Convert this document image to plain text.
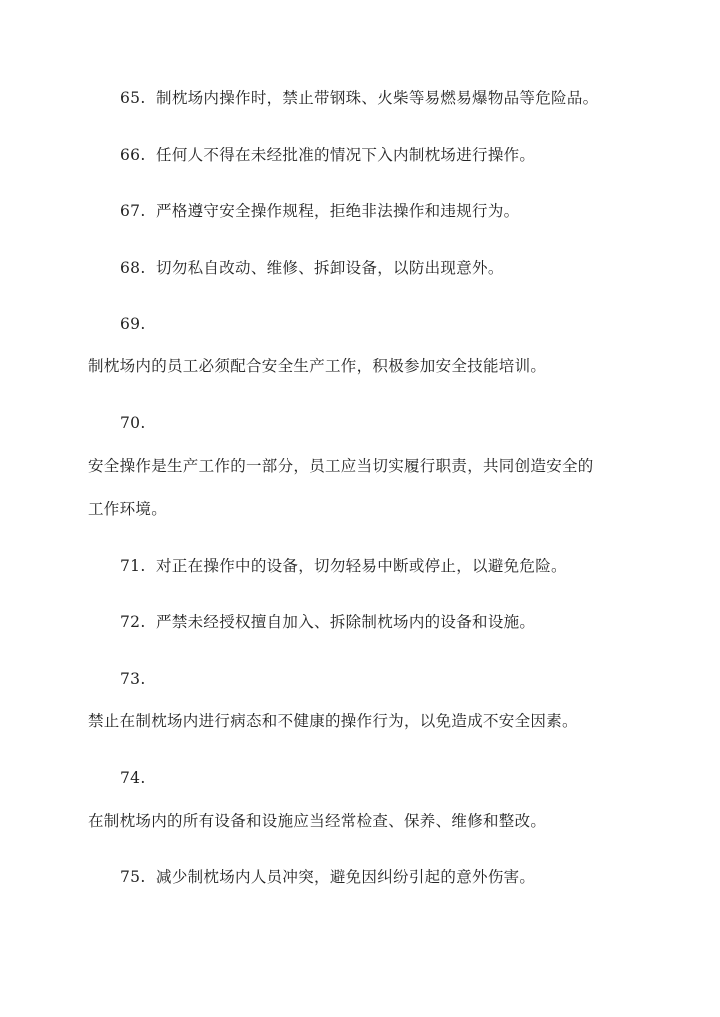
65. 制枕场内操作时，禁止带钢珠、火柴等易燃易爆物品等危险品。
66. 任何人不得在未经批准的情况下入内制枕场进行操作。
67. 严格遵守安全操作规程，拒绝非法操作和违规行为。
68. 切勿私自改动、维修、拆卸设备，以防出现意外。
69.
制枕场内的员工必须配合安全生产工作，积极参加安全技能培训。
70.
安全操作是生产工作的一部分，员工应当切实履行职责，共同创造安全的
工作环境。
71. 对正在操作中的设备，切勿轻易中断或停止，以避免危险。
72. 严禁未经授权擅自加入、拆除制枕场内的设备和设施。
73.
禁止在制枕场内进行病态和不健康的操作行为，以免造成不安全因素。
74.
在制枕场内的所有设备和设施应当经常检查、保养、维修和整改。
75. 减少制枕场内人员冲突，避免因纠纷引起的意外伤害。
